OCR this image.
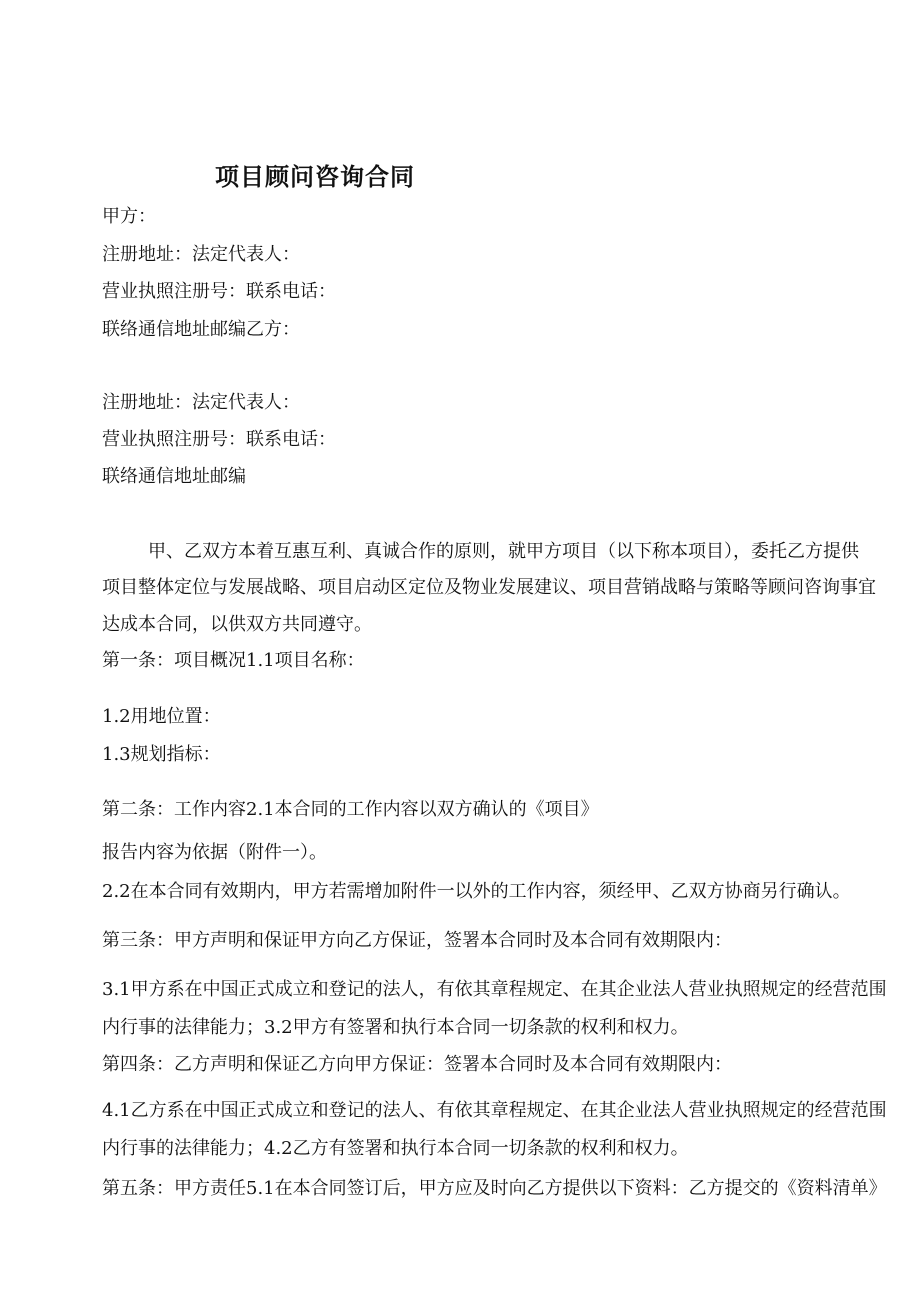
项目顾问咨询合同
甲方：
注册地址：法定代表人：
营业执照注册号：联系电话：
联络通信地址邮编乙方：
注册地址：法定代表人：
营业执照注册号：联系电话：
联络通信地址邮编
甲、乙双方本着互惠互利、真诚合作的原则，就甲方项目（以下称本项目），委托乙方提供
项目整体定位与发展战略、项目启动区定位及物业发展建议、项目营销战略与策略等顾问咨询事宜
达成本合同，以供双方共同遵守。
第一条：项目概况1.1项目名称：
1.2用地位置：
1.3规划指标：
第二条：工作内容2.1本合同的工作内容以双方确认的《项目》
报告内容为依据（附件一）。
2.2在本合同有效期内，甲方若需增加附件一以外的工作内容，须经甲、乙双方协商另行确认。
第三条：甲方声明和保证甲方向乙方保证，签署本合同时及本合同有效期限内：
3.1甲方系在中国正式成立和登记的法人，有依其章程规定、在其企业法人营业执照规定的经营范围
内行事的法律能力；3.2甲方有签署和执行本合同一切条款的权利和权力。
第四条：乙方声明和保证乙方向甲方保证：签署本合同时及本合同有效期限内：
4.1乙方系在中国正式成立和登记的法人、有依其章程规定、在其企业法人营业执照规定的经营范围
内行事的法律能力；4.2乙方有签署和执行本合同一切条款的权利和权力。
第五条：甲方责任5.1在本合同签订后，甲方应及时向乙方提供以下资料：乙方提交的《资料清单》
